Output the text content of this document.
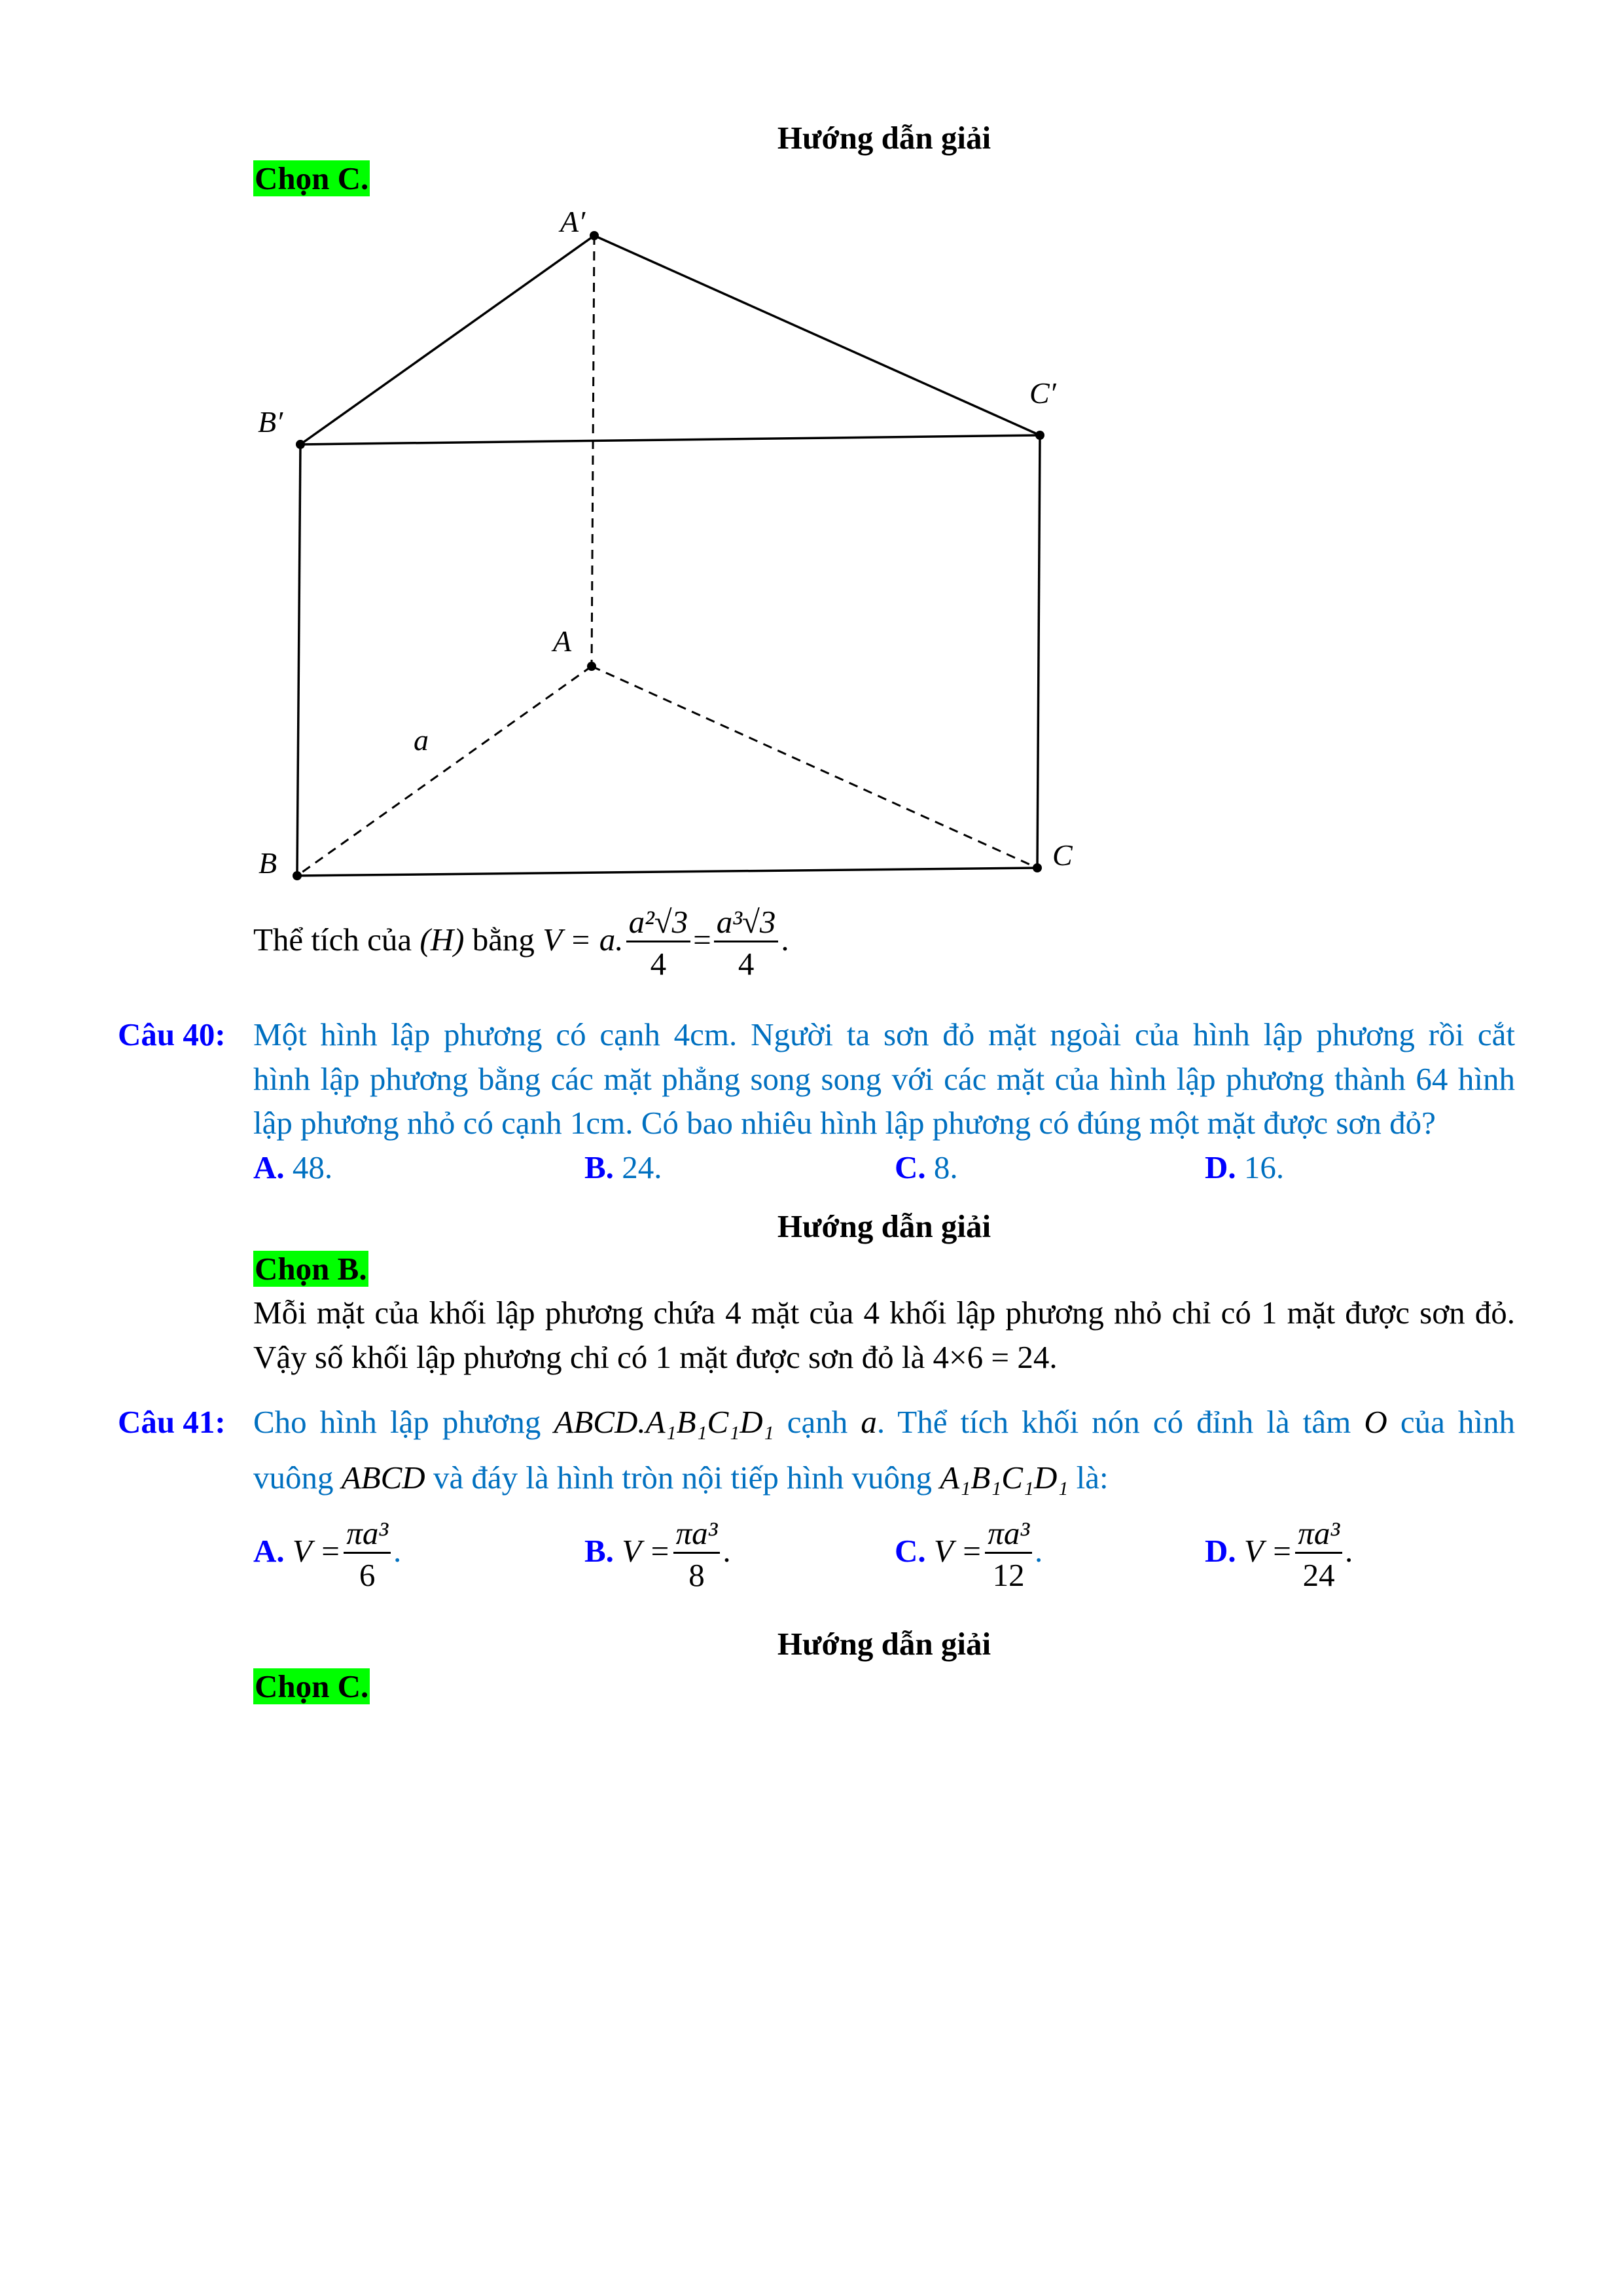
Hướng dẫn giải
Chọn C.
A′
B′
C′
A
a
B	C
Thể tích của (H) bằng V = a. $\frac{\text{a²√3}}{4} = \frac{\text{a³√3}}{4}$ .
Câu 40: Một hình lập phương có cạnh 4cm. Người ta sơn đỏ mặt ngoài của hình lập phương rồi cắt
hình lập phương bằng các mặt phẳng song song với các mặt của hình lập phương thành 64 hình
lập phương nhỏ có cạnh 1cm. Có bao nhiêu hình lập phương có đúng một mặt được sơn đỏ?
A. 48.	B. 24.	C. 8.	D. 16.
Hướng dẫn giải
Chọn B.
Mỗi mặt của khối lập phương chứa 4 mặt của 4 khối lập phương nhỏ chỉ có 1 mặt được sơn đỏ.
Vậy số khối lập phương chỉ có 1 mặt được sơn đỏ là 4×6 = 24.
Câu 41: Cho hình lập phương ABCD.A₁B₁C₁D₁ cạnh a. Thể tích khối nón có đỉnh là tâm O của hình
vuông ABCD và đáy là hình tròn nội tiếp hình vuông A₁B₁C₁D₁ là:
A. $V = \frac{\text{πa³}}{6}$ .	B. $V = \frac{\text{πa³}}{8}$ .	C. $V = \frac{\text{πa³}}{12}$ .	D. $V = \frac{\text{πa³}}{24}$ .
Hướng dẫn giải
Chọn C.
